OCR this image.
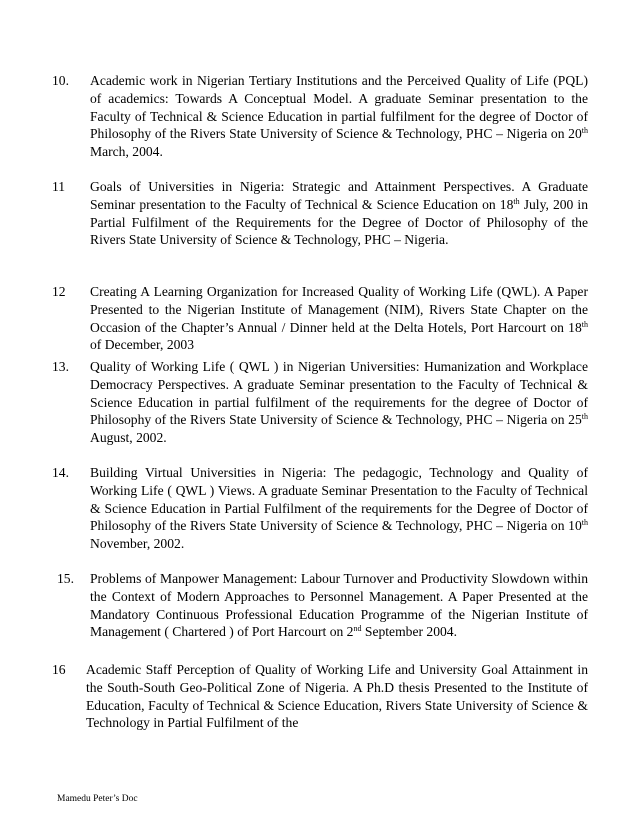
10. Academic work in Nigerian Tertiary Institutions and the Perceived Quality of Life (PQL) of academics: Towards A Conceptual Model. A graduate Seminar presentation to the Faculty of Technical & Science Education in partial fulfilment for the degree of Doctor of Philosophy of the Rivers State University of Science & Technology, PHC – Nigeria on 20th March, 2004.
11 Goals of Universities in Nigeria: Strategic and Attainment Perspectives. A Graduate Seminar presentation to the Faculty of Technical & Science Education on 18th July, 200 in Partial Fulfilment of the Requirements for the Degree of Doctor of Philosophy of the Rivers State University of Science & Technology, PHC – Nigeria.
12 Creating A Learning Organization for Increased Quality of Working Life (QWL). A Paper Presented to the Nigerian Institute of Management (NIM), Rivers State Chapter on the Occasion of the Chapter’s Annual / Dinner held at the Delta Hotels, Port Harcourt on 18th of December, 2003
13. Quality of Working Life ( QWL ) in Nigerian Universities: Humanization and Workplace Democracy Perspectives. A graduate Seminar presentation to the Faculty of Technical & Science Education in partial fulfilment of the requirements for the degree of Doctor of Philosophy of the Rivers State University of Science & Technology, PHC – Nigeria on 25th August, 2002.
14. Building Virtual Universities in Nigeria: The pedagogic, Technology and Quality of Working Life ( QWL ) Views. A graduate Seminar Presentation to the Faculty of Technical & Science Education in Partial Fulfilment of the requirements for the Degree of Doctor of Philosophy of the Rivers State University of Science & Technology, PHC – Nigeria on 10th November, 2002.
15. Problems of Manpower Management: Labour Turnover and Productivity Slowdown within the Context of Modern Approaches to Personnel Management. A Paper Presented at the Mandatory Continuous Professional Education Programme of the Nigerian Institute of Management ( Chartered ) of Port Harcourt on 2nd September 2004.
16 Academic Staff Perception of Quality of Working Life and University Goal Attainment in the South-South Geo-Political Zone of Nigeria. A Ph.D thesis Presented to the Institute of Education, Faculty of Technical & Science Education, Rivers State University of Science & Technology in Partial Fulfilment of the
Mamedu Peter’s Doc
